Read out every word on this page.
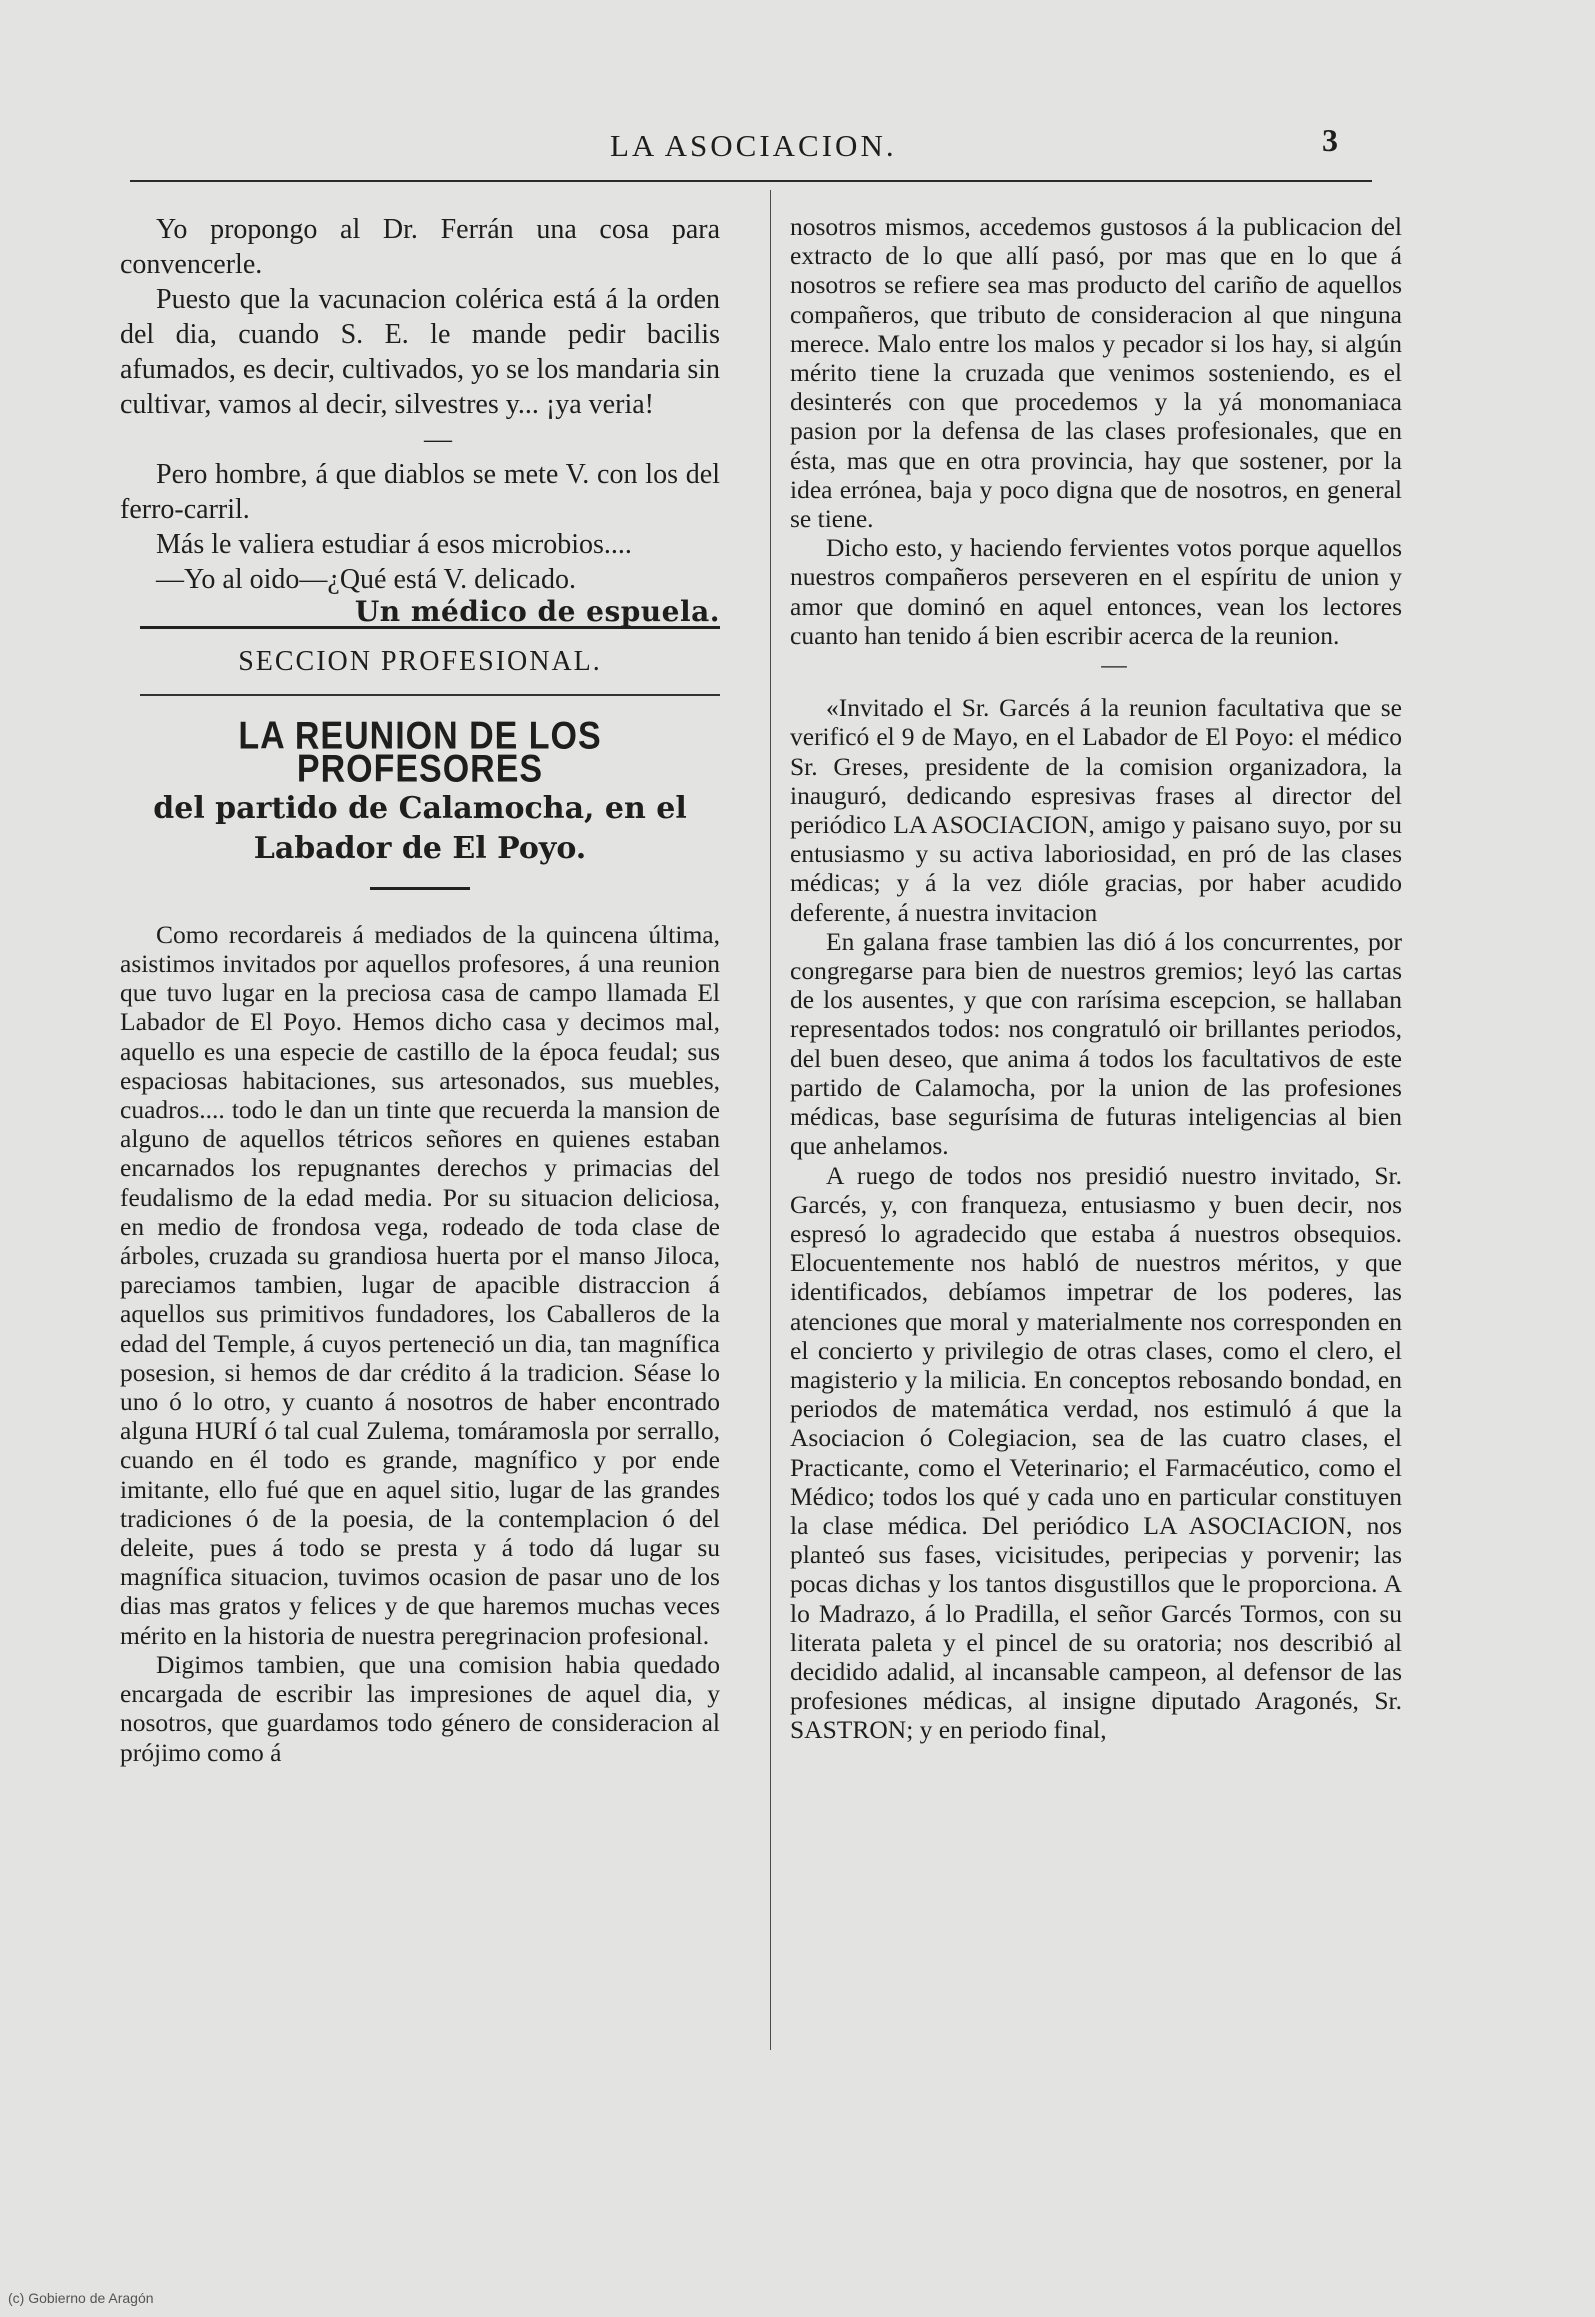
LA ASOCIACION.	3

Yo propongo al Dr. Ferrán una cosa para convencerle.

Puesto que la vacunacion colérica está á la orden del dia, cuando S. E. le mande pedir bacilis afumados, es decir, cultivados, yo se los mandaria sin cultivar, vamos al decir, silvestres y... ¡ya veria!

—

Pero hombre, á que diablos se mete V. con los del ferro-carril.

Más le valiera estudiar á esos microbios....

—Yo al oido—¿Qué está V. delicado.

Un médico de espuela.

SECCION PROFESIONAL.
LA REUNION DE LOS PROFESORES
del partido de Calamocha, en el Labador de El Poyo.

Como recordareis á mediados de la quincena última, asistimos invitados por aquellos profesores, á una reunion que tuvo lugar en la preciosa casa de campo llamada El Labador de El Poyo. Hemos dicho casa y decimos mal, aquello es una especie de castillo de la época feudal; sus espaciosas habitaciones, sus artesonados, sus muebles, cuadros.... todo le dan un tinte que recuerda la mansion de alguno de aquellos tétricos señores en quienes estaban encarnados los repugnantes derechos y primacias del feudalismo de la edad media. Por su situacion deliciosa, en medio de frondosa vega, rodeado de toda clase de árboles, cruzada su grandiosa huerta por el manso Jiloca, pareciamos tambien, lugar de apacible distraccion á aquellos sus primitivos fundadores, los Caballeros de la edad del Temple, á cuyos perteneció un dia, tan magnífica posesion, si hemos de dar crédito á la tradicion. Séase lo uno ó lo otro, y cuanto á nosotros de haber encontrado alguna HURÍ ó tal cual Zulema, tomáramosla por serrallo, cuando en él todo es grande, magnífico y por ende imitante, ello fué que en aquel sitio, lugar de las grandes tradiciones ó de la poesia, de la contemplacion ó del deleite, pues á todo se presta y á todo dá lugar su magnífica situacion, tuvimos ocasion de pasar uno de los dias mas gratos y felices y de que haremos muchas veces mérito en la historia de nuestra peregrinacion profesional.

Digimos tambien, que una comision habia quedado encargada de escribir las impresiones de aquel dia, y nosotros, que guardamos todo género de consideracion al prójimo como á

nosotros mismos, accedemos gustosos á la publicacion del extracto de lo que allí pasó, por mas que en lo que á nosotros se refiere sea mas producto del cariño de aquellos compañeros, que tributo de consideracion al que ninguna merece. Malo entre los malos y pecador si los hay, si algún mérito tiene la cruzada que venimos sosteniendo, es el desinterés con que procedemos y la yá monomaniaca pasion por la defensa de las clases profesionales, que en ésta, mas que en otra provincia, hay que sostener, por la idea errónea, baja y poco digna que de nosotros, en general se tiene.

Dicho esto, y haciendo fervientes votos porque aquellos nuestros compañeros perseveren en el espíritu de union y amor que dominó en aquel entonces, vean los lectores cuanto han tenido á bien escribir acerca de la reunion.

—

«Invitado el Sr. Garcés á la reunion facultativa que se verificó el 9 de Mayo, en el Labador de El Poyo: el médico Sr. Greses, presidente de la comision organizadora, la inauguró, dedicando espresivas frases al director del periódico LA ASOCIACION, amigo y paisano suyo, por su entusiasmo y su activa laboriosidad, en pró de las clases médicas; y á la vez dióle gracias, por haber acudido deferente, á nuestra invitacion

En galana frase tambien las dió á los concurrentes, por congregarse para bien de nuestros gremios; leyó las cartas de los ausentes, y que con rarísima escepcion, se hallaban representados todos: nos congratuló oir brillantes periodos, del buen deseo, que anima á todos los facultativos de este partido de Calamocha, por la union de las profesiones médicas, base segurísima de futuras inteligencias al bien que anhelamos.

A ruego de todos nos presidió nuestro invitado, Sr. Garcés, y, con franqueza, entusiasmo y buen decir, nos espresó lo agradecido que estaba á nuestros obsequios. Elocuentemente nos habló de nuestros méritos, y que identificados, debíamos impetrar de los poderes, las atenciones que moral y materialmente nos corresponden en el concierto y privilegio de otras clases, como el clero, el magisterio y la milicia. En conceptos rebosando bondad, en periodos de matemática verdad, nos estimuló á que la Asociacion ó Colegiacion, sea de las cuatro clases, el Practicante, como el Veterinario; el Farmacéutico, como el Médico; todos los qué y cada uno en particular constituyen la clase médica. Del periódico LA ASOCIACION, nos planteó sus fases, vicisitudes, peripecias y porvenir; las pocas dichas y los tantos disgustillos que le proporciona. A lo Madrazo, á lo Pradilla, el señor Garcés Tormos, con su literata paleta y el pincel de su oratoria; nos describió al decidido adalid, al incansable campeon, al defensor de las profesiones médicas, al insigne diputado Aragonés, Sr. SASTRON; y en periodo final,

(c) Gobierno de Aragón
